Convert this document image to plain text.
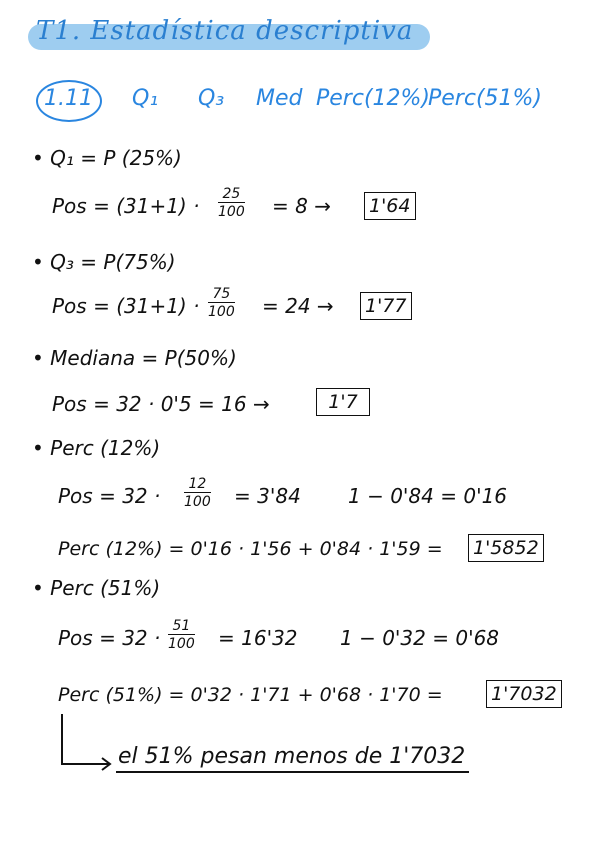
T1. Estadística descriptiva
1.11 Q₁ Q₃ Med Perc(12%)
Perc(51%)
• Q₁ = P (25%)
Pos = $(31+1) \cdot \frac{25}{100} = 8 \to 1'64$
• Q₃ = P(75%)
Pos = $(31+1) \cdot \frac{75}{100} = 24 \to 1'77$
• Mediana = P(50%)
Pos = 32 · 0'5 = 16 →	1'7
• Perc (12%)
Pos = $32 \cdot \frac{12}{100} = 3'84$ 1 − 0'84 = 0'16
Perc (12%) = 0'16 · 1'56 + 0'84 · 1'59 = 1'5852
• Perc (51%)
Pos = $32 \cdot \frac{51}{100} = 16'32$ 1 − 0'32 = 0'68
Perc (51%) = 0'32 · 1'71 + 0'68 · 1'70 =	1'7032
el 51% pesan menos de 1'7032
